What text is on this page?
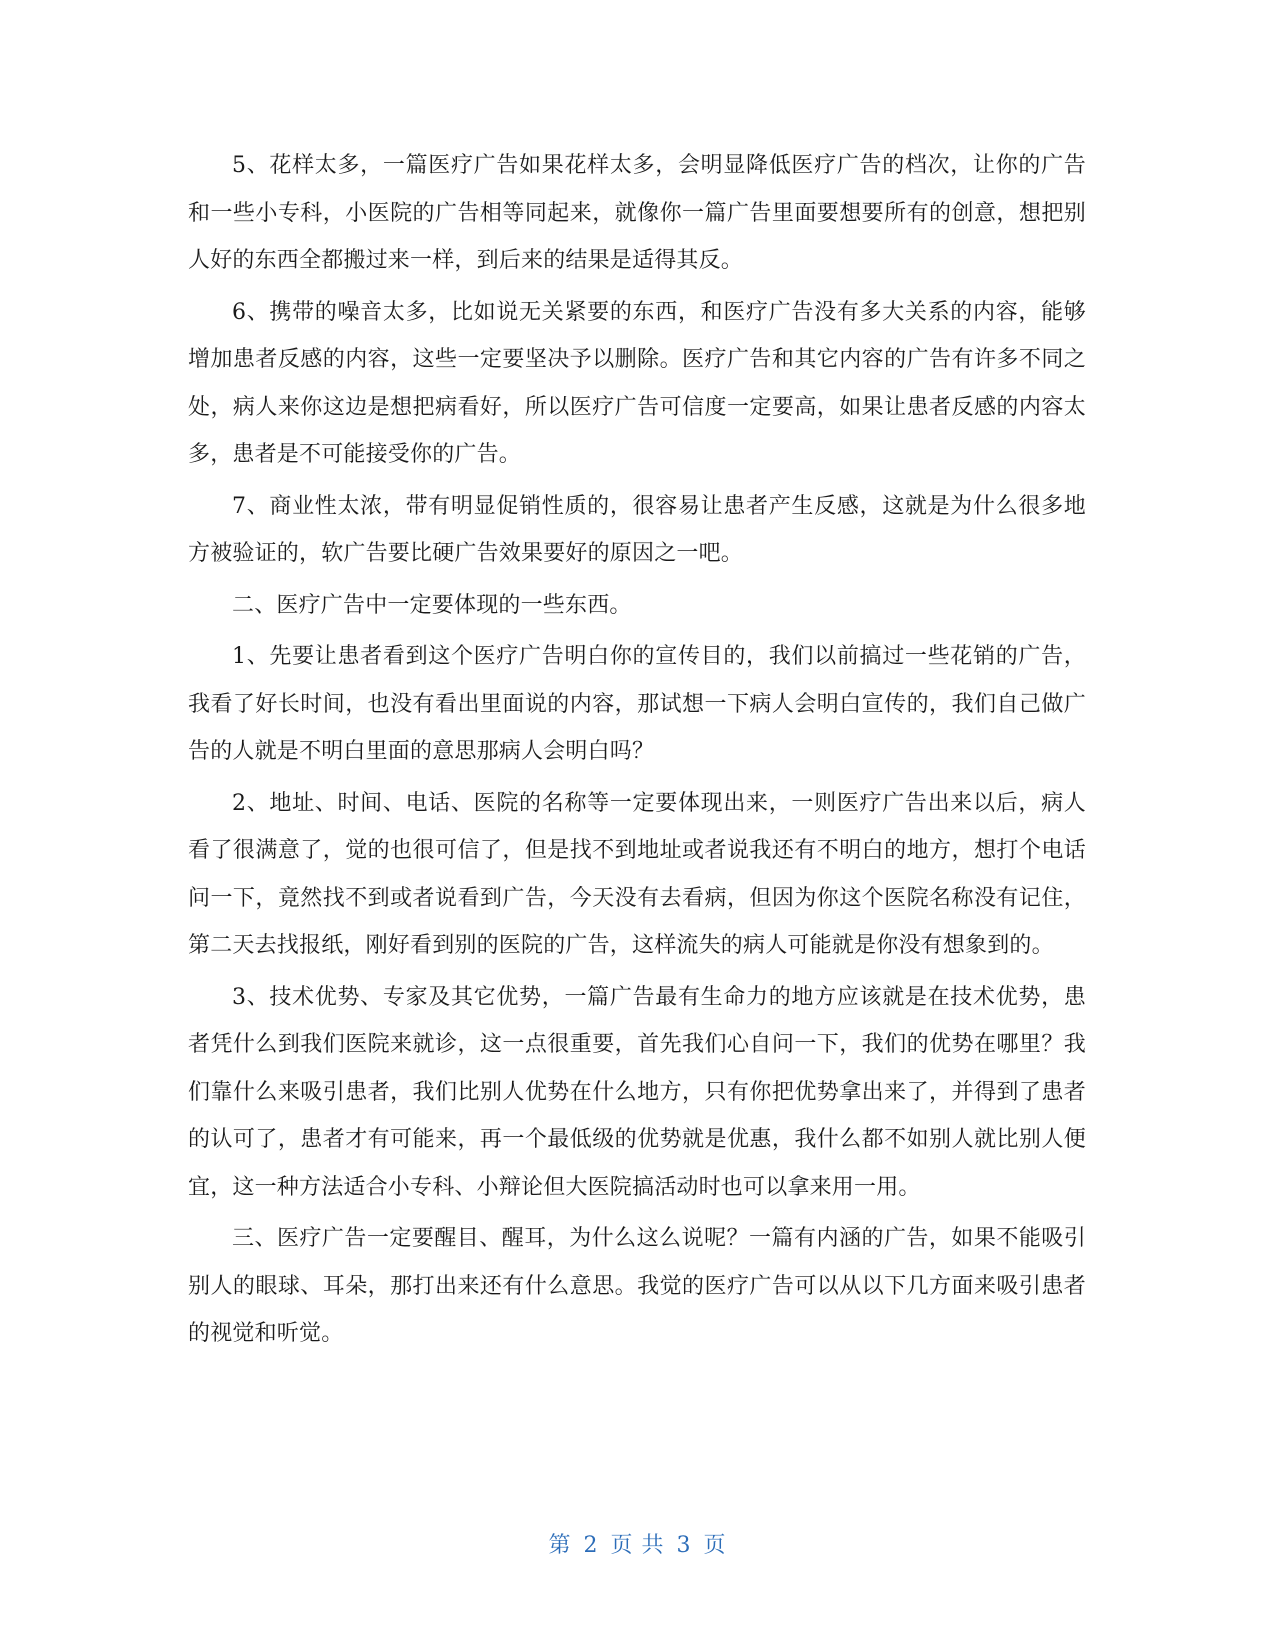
5、花样太多，一篇医疗广告如果花样太多，会明显降低医疗广告的档次，让你的广告和一些小专科，小医院的广告相等同起来，就像你一篇广告里面要想要所有的创意，想把别人好的东西全都搬过来一样，到后来的结果是适得其反。

6、携带的噪音太多，比如说无关紧要的东西，和医疗广告没有多大关系的内容，能够增加患者反感的内容，这些一定要坚决予以删除。医疗广告和其它内容的广告有许多不同之处，病人来你这边是想把病看好，所以医疗广告可信度一定要高，如果让患者反感的内容太多，患者是不可能接受你的广告。

7、商业性太浓，带有明显促销性质的，很容易让患者产生反感，这就是为什么很多地方被验证的，软广告要比硬广告效果要好的原因之一吧。

二、医疗广告中一定要体现的一些东西。

1、先要让患者看到这个医疗广告明白你的宣传目的，我们以前搞过一些花销的广告，我看了好长时间，也没有看出里面说的内容，那试想一下病人会明白宣传的，我们自己做广告的人就是不明白里面的意思那病人会明白吗？

2、地址、时间、电话、医院的名称等一定要体现出来，一则医疗广告出来以后，病人看了很满意了，觉的也很可信了，但是找不到地址或者说我还有不明白的地方，想打个电话问一下，竟然找不到或者说看到广告，今天没有去看病，但因为你这个医院名称没有记住，第二天去找报纸，刚好看到别的医院的广告，这样流失的病人可能就是你没有想象到的。

3、技术优势、专家及其它优势，一篇广告最有生命力的地方应该就是在技术优势，患者凭什么到我们医院来就诊，这一点很重要，首先我们心自问一下，我们的优势在哪里？我们靠什么来吸引患者，我们比别人优势在什么地方，只有你把优势拿出来了，并得到了患者的认可了，患者才有可能来，再一个最低级的优势就是优惠，我什么都不如别人就比别人便宜，这一种方法适合小专科、小辩论但大医院搞活动时也可以拿来用一用。

三、医疗广告一定要醒目、醒耳，为什么这么说呢？一篇有内涵的广告，如果不能吸引别人的眼球、耳朵，那打出来还有什么意思。我觉的医疗广告可以从以下几方面来吸引患者的视觉和听觉。

第 2 页 共 3 页
